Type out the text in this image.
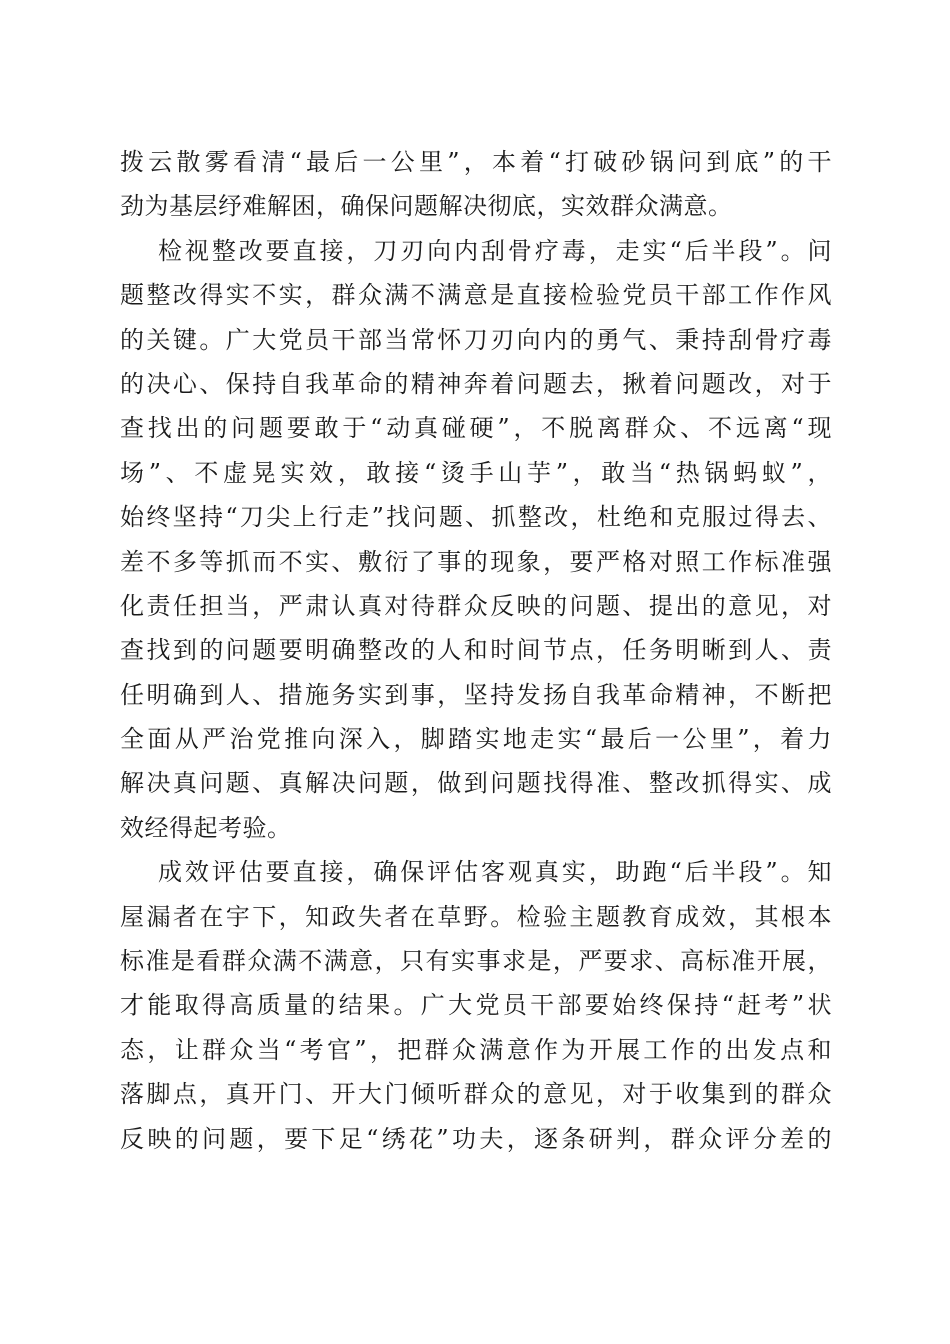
拨云散雾看清“最后一公里”，本着“打破砂锅问到底”的干
劲为基层纾难解困，确保问题解决彻底，实效群众满意。
检视整改要直接，刀刃向内刮骨疗毒，走实“后半段”。问
题整改得实不实，群众满不满意是直接检验党员干部工作作风
的关键。广大党员干部当常怀刀刃向内的勇气、秉持刮骨疗毒
的决心、保持自我革命的精神奔着问题去，揪着问题改，对于
查找出的问题要敢于“动真碰硬”，不脱离群众、不远离“现
场”、不虚晃实效，敢接“烫手山芋”，敢当“热锅蚂蚁”，
始终坚持“刀尖上行走”找问题、抓整改，杜绝和克服过得去、
差不多等抓而不实、敷衍了事的现象，要严格对照工作标准强
化责任担当，严肃认真对待群众反映的问题、提出的意见，对
查找到的问题要明确整改的人和时间节点，任务明晰到人、责
任明确到人、措施务实到事，坚持发扬自我革命精神，不断把
全面从严治党推向深入，脚踏实地走实“最后一公里”，着力
解决真问题、真解决问题，做到问题找得准、整改抓得实、成
效经得起考验。
成效评估要直接，确保评估客观真实，助跑“后半段”。知
屋漏者在宇下，知政失者在草野。检验主题教育成效，其根本
标准是看群众满不满意，只有实事求是，严要求、高标准开展，
才能取得高质量的结果。广大党员干部要始终保持“赶考”状
态，让群众当“考官”，把群众满意作为开展工作的出发点和
落脚点，真开门、开大门倾听群众的意见，对于收集到的群众
反映的问题，要下足“绣花”功夫，逐条研判，群众评分差的
